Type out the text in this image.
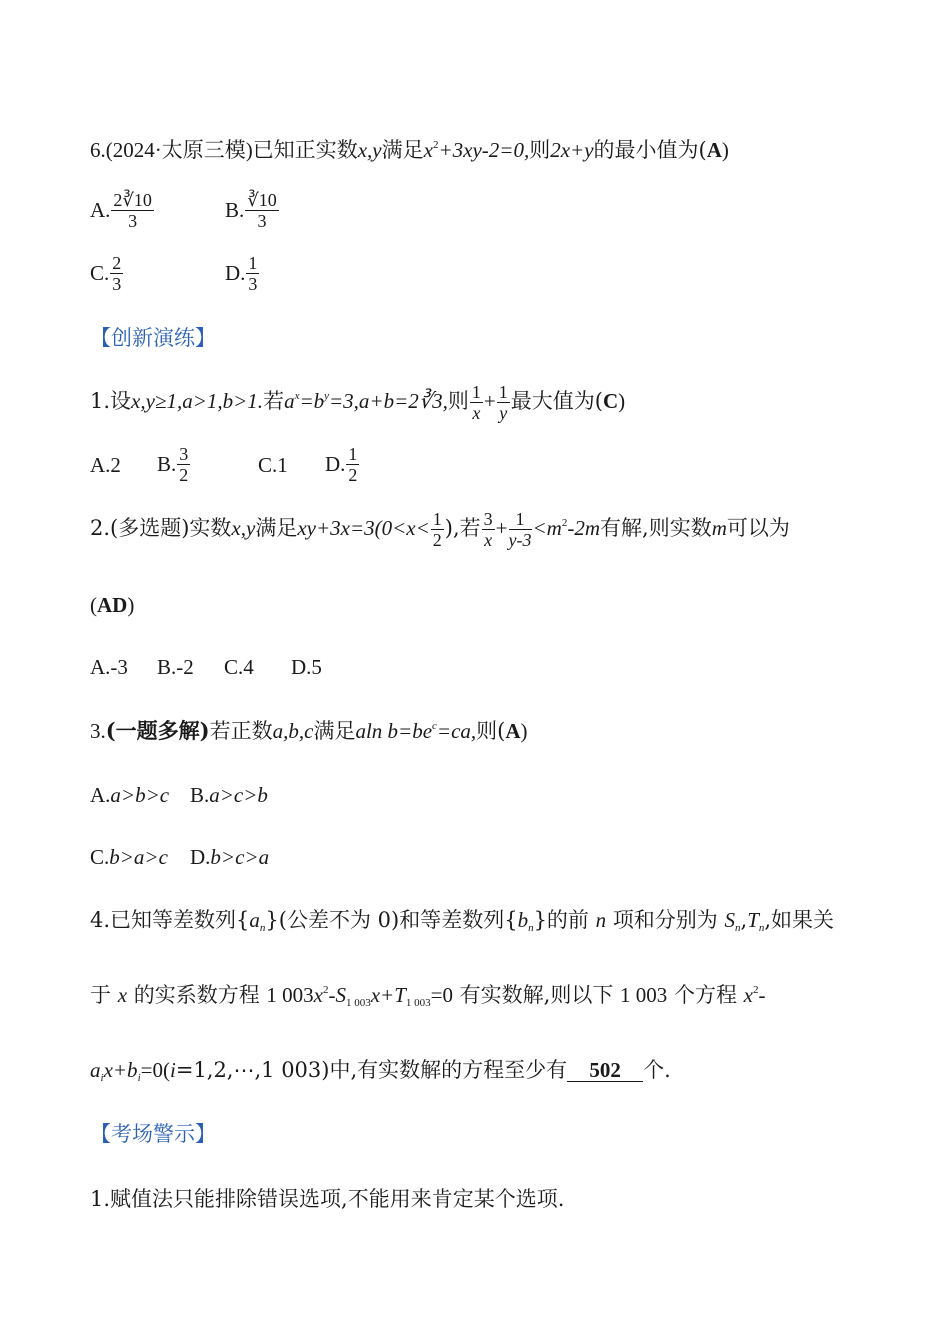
6.(2024·太原三模)已知正实数x,y满足$x^2+3xy-2=0$,则2x+y的最小值为(A)
A. $\frac{2∛10}{3}$	B. $\frac{∛10}{3}$
C. $\frac{2}{3}$	D. $\frac{1}{3}$
【创新演练】
1.设x,y≥1,a>1,b>1.若$a^x=b^y=3,a+b=2∛3$,则 $\frac{1}{x} + \frac{1}{y}$ 最大值为(C)
A.2 B. $\frac{3}{2}$	C.1 D. $\frac{1}{2}$
2.(多选题)实数x,y满足$xy+3x=3(0<x< \frac{1}{2}$ ),若 $\frac{3}{x} + \frac{1}{y-3} <m^2-2m$有解,则实数m可以为
(AD)
A.-3 B.-2 C.4 D.5
3.(一题多解)若正数a,b,c满足aln $b=be^c=ca$,则(A)
A.a>b>c B.a>c>b
C.b>a>c D.b>c>a
4.已知等差数列$\{a_n\}$(公差不为 0)和等差数列$\{b_n\}$的前 n 项和分别为 $S_n,T_n$,如果关
于 x 的实系数方程 1 $003x^2-S_{1 003}x+T_{1 003}=0$ 有实数解,则以下 1 003 个方程 $x^2-$
$a_ix+b_i=0(i=1,2,\cdots,1$ 003)中,有实数解的方程至少有 502 个.
【考场警示】
1.赋值法只能排除错误选项,不能用来肯定某个选项.
